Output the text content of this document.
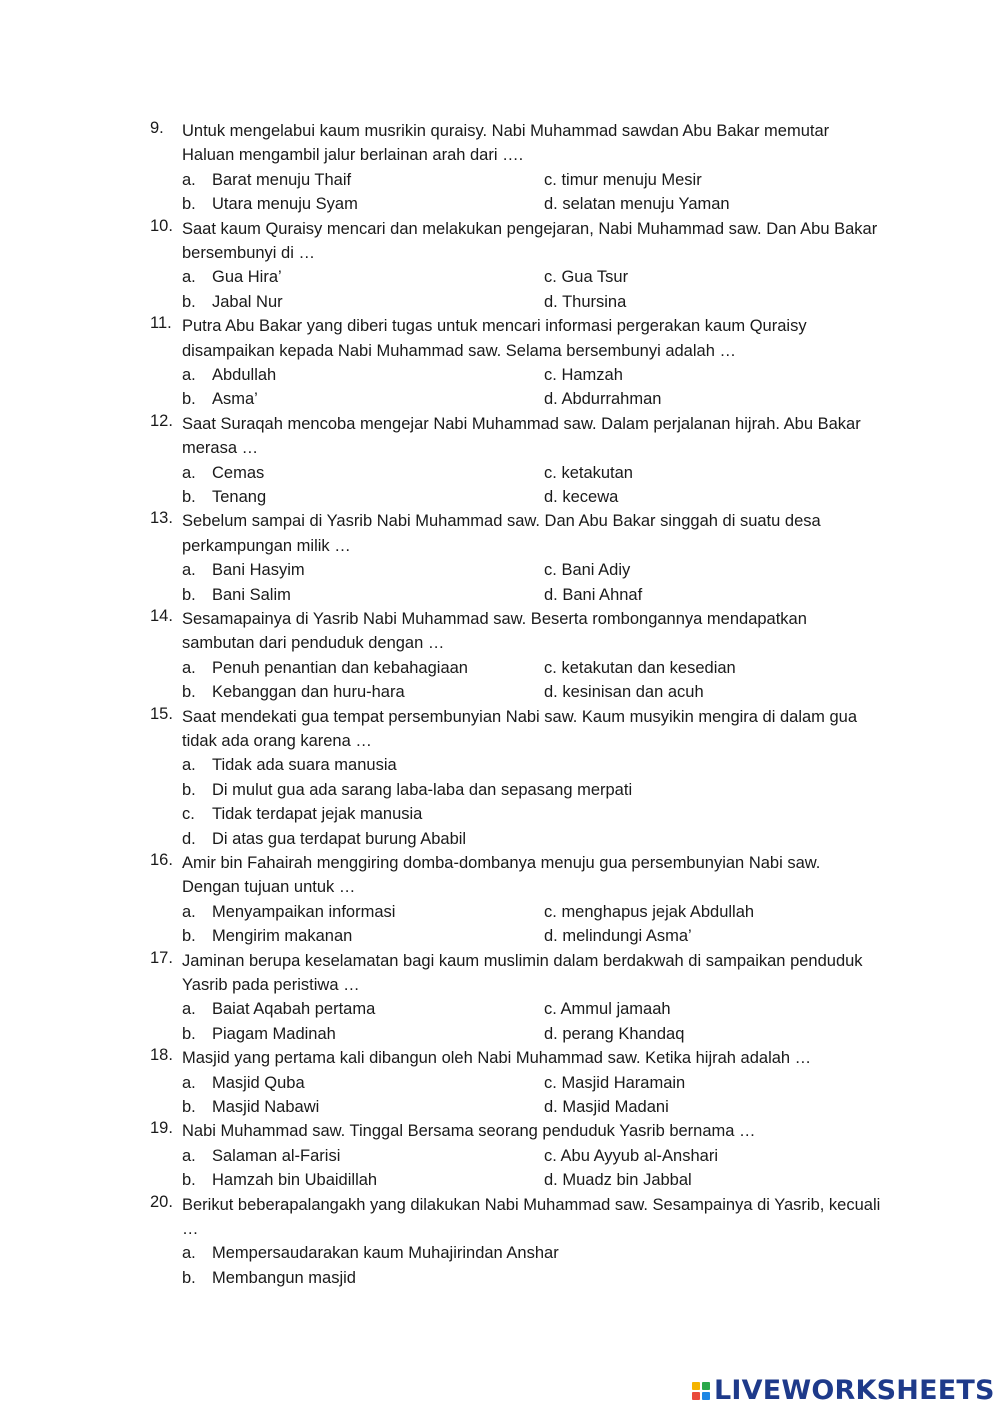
9.	Untuk mengelabui kaum musrikin quraisy. Nabi Muhammad sawdan Abu Bakar memutar Haluan mengambil jalur berlainan arah dari ….
a. Barat menuju Thaif	c. timur menuju Mesir
b. Utara menuju Syam	d. selatan menuju Yaman
10. Saat kaum Quraisy mencari dan melakukan pengejaran, Nabi Muhammad saw. Dan Abu Bakar bersembunyi di …
a. Gua Hira’	c. Gua Tsur
b. Jabal Nur	d. Thursina
11. Putra Abu Bakar yang diberi tugas untuk mencari informasi pergerakan kaum Quraisy disampaikan kepada Nabi Muhammad saw. Selama bersembunyi adalah …
a. Abdullah	c. Hamzah
b. Asma’	d. Abdurrahman
12. Saat Suraqah mencoba mengejar Nabi Muhammad saw. Dalam perjalanan hijrah. Abu Bakar merasa …
a. Cemas	c. ketakutan
b. Tenang	d. kecewa
13. Sebelum sampai di Yasrib Nabi Muhammad saw. Dan Abu Bakar singgah di suatu desa perkampungan milik …
a. Bani Hasyim	c. Bani Adiy
b. Bani Salim	d. Bani Ahnaf
14. Sesamapainya di Yasrib Nabi Muhammad saw. Beserta rombongannya mendapatkan sambutan dari penduduk dengan …
a. Penuh penantian dan kebahagiaan	c. ketakutan dan kesedian
b. Kebanggan dan huru-hara	d. kesinisan dan acuh
15. Saat mendekati gua tempat persembunyian Nabi saw. Kaum musyikin mengira di dalam gua tidak ada orang karena …
a. Tidak ada suara manusia
b. Di mulut gua ada sarang laba-laba dan sepasang merpati
c. Tidak terdapat jejak manusia
d. Di atas gua terdapat burung Ababil
16. Amir bin Fahairah menggiring domba-dombanya menuju gua persembunyian Nabi saw. Dengan tujuan untuk …
a. Menyampaikan informasi	c. menghapus jejak Abdullah
b. Mengirim makanan	d. melindungi Asma’
17. Jaminan berupa keselamatan bagi kaum muslimin dalam berdakwah di sampaikan penduduk Yasrib pada peristiwa …
a. Baiat Aqabah pertama	c. Ammul jamaah
b. Piagam Madinah	d. perang Khandaq
18. Masjid yang pertama kali dibangun oleh Nabi Muhammad saw. Ketika hijrah adalah …
a. Masjid Quba	c. Masjid Haramain
b. Masjid Nabawi	d. Masjid Madani
19. Nabi Muhammad saw. Tinggal Bersama seorang penduduk Yasrib bernama …
a. Salaman al-Farisi	c. Abu Ayyub al-Anshari
b. Hamzah bin Ubaidillah	d. Muadz bin Jabbal
20. Berikut beberapalangakh yang dilakukan Nabi Muhammad saw. Sesampainya di Yasrib, kecuali …
a. Mempersaudarakan kaum Muhajirindan Anshar
b. Membangun masjid
LIVEWORKSHEETS
